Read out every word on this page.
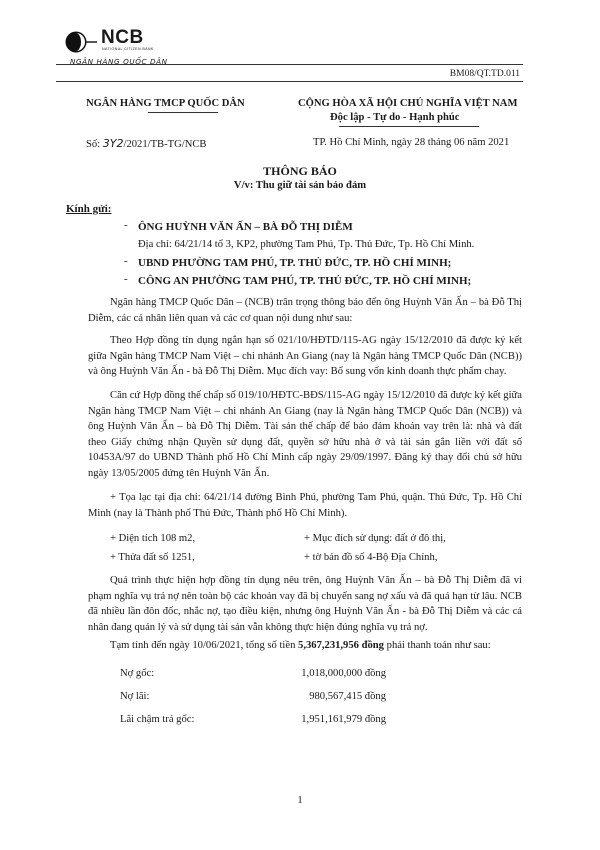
NCB
NATIONAL CITIZEN BANK
NGÂN HÀNG QUỐC DÂN
BM08/QT.TD.011
NGÂN HÀNG TMCP QUỐC DÂN	CỘNG HÒA XÃ HỘI CHỦ NGHĨA VIỆT NAM
Độc lập - Tự do - Hạnh phúc
Số: 3Y2/2021/TB-TG/NCB	TP. Hồ Chí Minh, ngày 28 tháng 06 năm 2021
THÔNG BÁO
V/v: Thu giữ tài sản bảo đảm
Kính gửi:
- ÔNG HUỲNH VĂN ẤN – BÀ ĐỖ THỊ DIỄM
Địa chỉ: 64/21/14 tổ 3, KP2, phường Tam Phú, Tp. Thủ Đức, Tp. Hồ Chí Minh.
- UBND PHƯỜNG TAM PHÚ, TP. THỦ ĐỨC, TP. HỒ CHÍ MINH;
- CÔNG AN PHƯỜNG TAM PHÚ, TP. THỦ ĐỨC, TP. HỒ CHÍ MINH;

Ngân hàng TMCP Quốc Dân – (NCB) trân trọng thông báo đến ông Huỳnh Văn Ấn – bà Đỗ Thị Diễm, các cá nhân liên quan và các cơ quan nội dung như sau:

Theo Hợp đồng tín dụng ngắn hạn số 021/10/HĐTD/115-AG ngày 15/12/2010 đã được ký kết giữa Ngân hàng TMCP Nam Việt – chi nhánh An Giang (nay là Ngân hàng TMCP Quốc Dân (NCB)) và ông Huỳnh Văn Ấn - bà Đỗ Thị Diễm. Mục đích vay: Bổ sung vốn kinh doanh thực phẩm chay.

Căn cứ Hợp đồng thế chấp số 019/10/HĐTC-BĐS/115-AG ngày 15/12/2010 đã được ký kết giữa Ngân hàng TMCP Nam Việt – chi nhánh An Giang (nay là Ngân hàng TMCP Quốc Dân (NCB)) và ông Huỳnh Văn Ấn – bà Đỗ Thị Diễm. Tài sản thế chấp để bảo đảm khoản vay trên là: nhà và đất theo Giấy chứng nhận Quyền sử dụng đất, quyền sở hữu nhà ở và tài sản gắn liền với đất số 10453A/97 do UBND Thành phố Hồ Chí Minh cấp ngày 29/09/1997. Đăng ký thay đổi chủ sở hữu ngày 13/05/2005 đứng tên Huỳnh Văn Ấn.

+ Tọa lạc tại địa chỉ: 64/21/14 đường Bình Phú, phường Tam Phú, quận. Thủ Đức, Tp. Hồ Chí Minh (nay là Thành phố Thủ Đức, Thành phố Hồ Chí Minh).

+ Diện tích 108 m2,	+ Mục đích sử dụng: đất ở đô thị,
+ Thửa đất số 1251,	+ tờ bản đồ số 4-Bộ Địa Chính,

Quá trình thực hiện hợp đồng tín dụng nêu trên, ông Huỳnh Văn Ấn – bà Đỗ Thị Diễm đã vi phạm nghĩa vụ trả nợ nên toàn bộ các khoản vay đã bị chuyển sang nợ xấu và đã quá hạn từ lâu. NCB đã nhiều lần đôn đốc, nhắc nợ, tạo điều kiện, nhưng ông Huỳnh Văn Ấn - bà Đỗ Thị Diễm và các cá nhân đang quản lý và sử dụng tài sản vẫn không thực hiện đúng nghĩa vụ trả nợ.

Tạm tính đến ngày 10/06/2021, tổng số tiền 5,367,231,956 đồng phải thanh toán như sau:
Nợ gốc:	1,018,000,000 đồng
Nợ lãi:	980,567,415 đồng
Lãi chậm trả gốc:	1,951,161,979 đồng
1
